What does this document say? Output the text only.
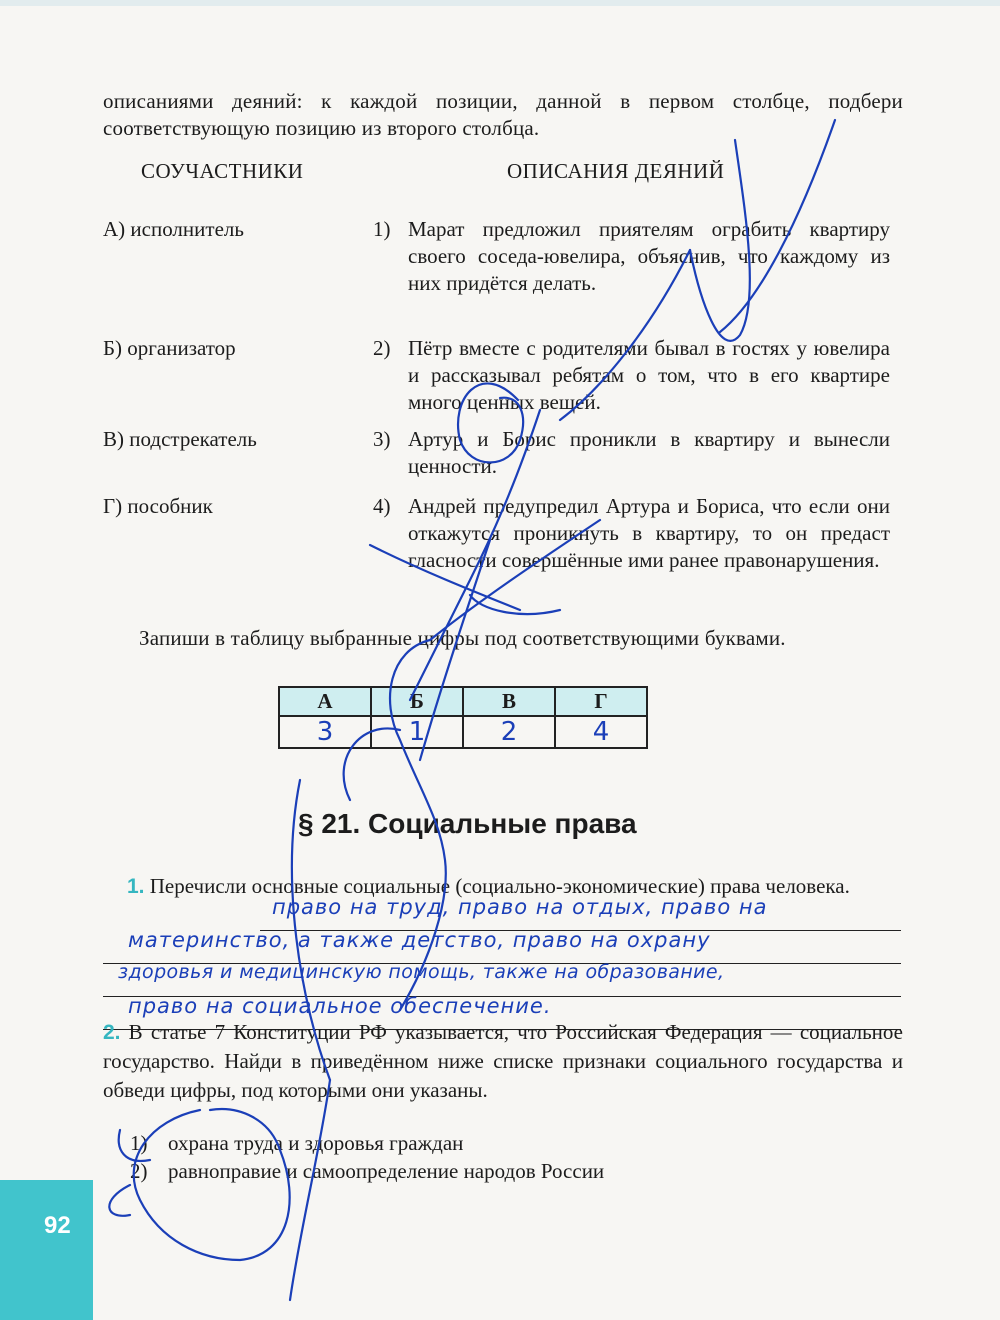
описаниями деяний: к каждой позиции, данной в первом столбце, подбери соответствующую позицию из второго столбца.
СОУЧАСТНИКИ	ОПИСАНИЯ ДЕЯНИЙ
А) исполнитель	1) Марат предложил приятелям ограбить квартиру своего соседа-ювелира, объяснив, что каждому из них придётся делать.
Б) организатор	2) Пётр вместе с родителями бывал в гостях у ювелира и рассказывал ребятам о том, что в его квартире много ценных вещей.
В) подстрекатель	3) Артур и Борис проникли в квартиру и вынесли ценности.
Г) пособник	4) Андрей предупредил Артура и Бориса, что если они откажутся проникнуть в квартиру, то он предаст гласности совершённые ими ранее правонарушения.
Запиши в таблицу выбранные цифры под соответствующими буквами.
А	Б	В	Г
3	1	2	4
§ 21. Социальные права
1. Перечисли основные социальные (социально-экономические) права человека.
право на труд, право на отдых, право на
материнство, а также детство, право на охрану
здоровья и медицинскую помощь, также на образование,
право на социальное обеспечение.
2. В статье 7 Конституции РФ указывается, что Российская Федерация — социальное государство. Найди в приведённом ниже списке признаки социального государства и обведи цифры, под которыми они указаны.
1) охрана труда и здоровья граждан
2) равноправие и самоопределение народов России
92
